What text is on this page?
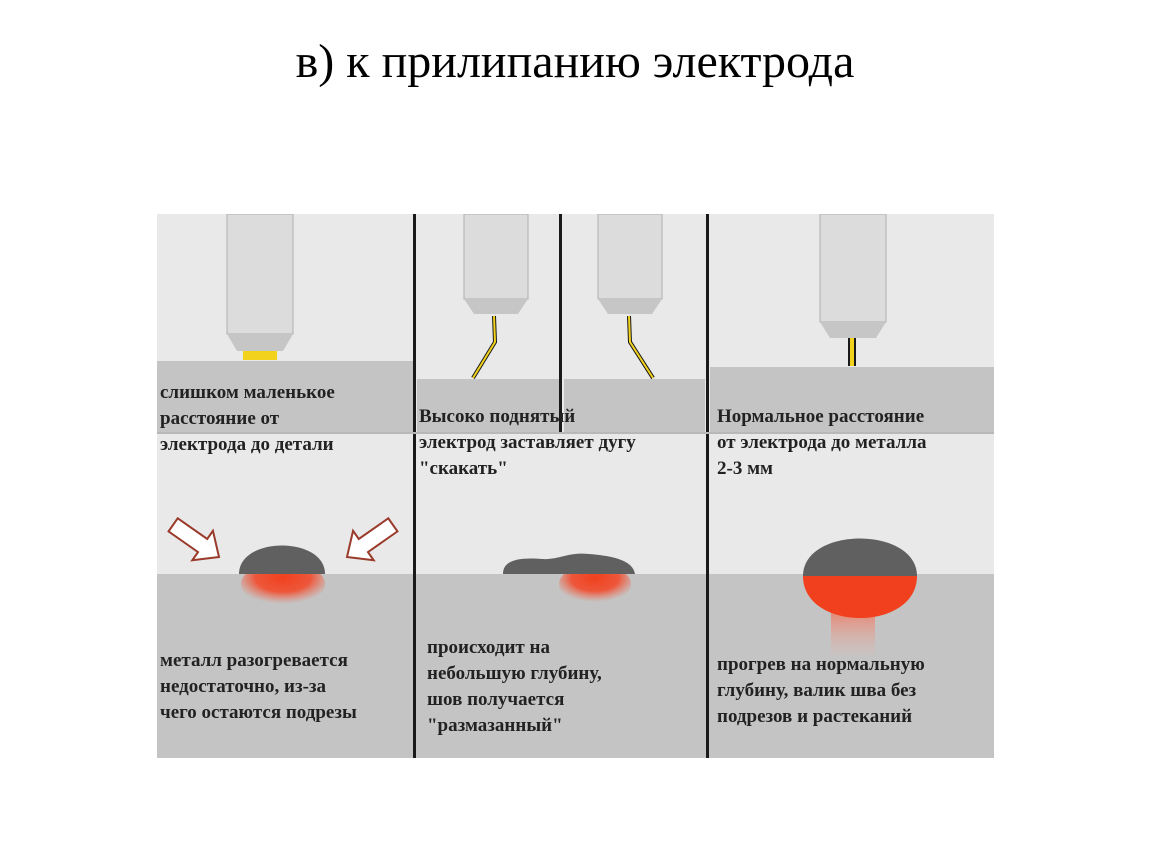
в) к прилипанию электрода

слишком маленькое
расстояние от
электрода до детали

Высоко поднятый
электрод заставляет дугу
"скакать"

Нормальное расстояние
от электрода до металла
2-3 мм

металл разогревается
недостаточно, из-за
чего остаются подрезы

происходит на
небольшую глубину,
шов получается
"размазанный"

прогрев на нормальную
глубину, валик шва без
подрезов и растеканий
